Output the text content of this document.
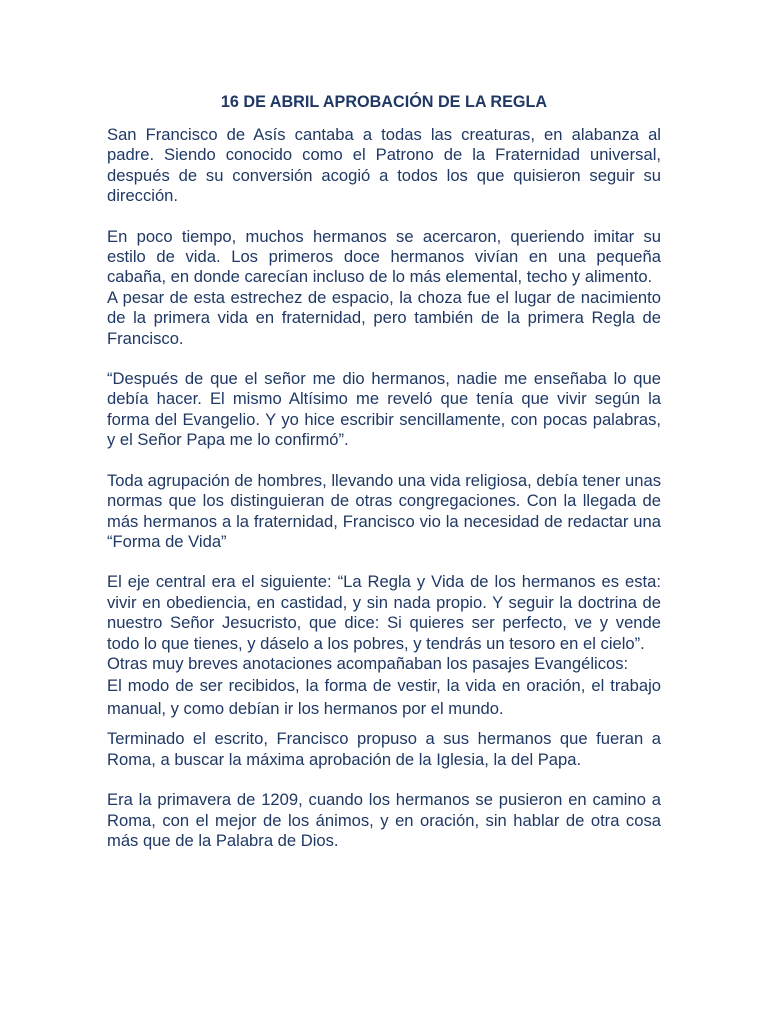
16 DE ABRIL APROBACIÓN DE LA REGLA

San Francisco de Asís cantaba a todas las creaturas, en alabanza al padre. Siendo conocido como el Patrono de la Fraternidad universal, después de su conversión acogió a todos los que quisieron seguir su dirección.

En poco tiempo, muchos hermanos se acercaron, queriendo imitar su estilo de vida. Los primeros doce hermanos vivían en una pequeña cabaña, en donde carecían incluso de lo más elemental, techo y alimento.

A pesar de esta estrechez de espacio, la choza fue el lugar de nacimiento de la primera vida en fraternidad, pero también de la primera Regla de Francisco.

“Después de que el señor me dio hermanos, nadie me enseñaba lo que debía hacer. El mismo Altísimo me reveló que tenía que vivir según la forma del Evangelio. Y yo hice escribir sencillamente, con pocas palabras, y el Señor Papa me lo confirmó”.

Toda agrupación de hombres, llevando una vida religiosa, debía tener unas normas que los distinguieran de otras congregaciones. Con la llegada de más hermanos a la fraternidad, Francisco vio la necesidad de redactar una “Forma de Vida”

El eje central era el siguiente: “La Regla y Vida de los hermanos es esta: vivir en obediencia, en castidad, y sin nada propio. Y seguir la doctrina de nuestro Señor Jesucristo, que dice: Si quieres ser perfecto, ve y vende todo lo que tienes, y dáselo a los pobres, y tendrás un tesoro en el cielo”.

Otras muy breves anotaciones acompañaban los pasajes Evangélicos:

El modo de ser recibidos, la forma de vestir, la vida en oración, el trabajo manual, y como debían ir los hermanos por el mundo.

Terminado el escrito, Francisco propuso a sus hermanos que fueran a Roma, a buscar la máxima aprobación de la Iglesia, la del Papa.

Era la primavera de 1209, cuando los hermanos se pusieron en camino a Roma, con el mejor de los ánimos, y en oración, sin hablar de otra cosa más que de la Palabra de Dios.
